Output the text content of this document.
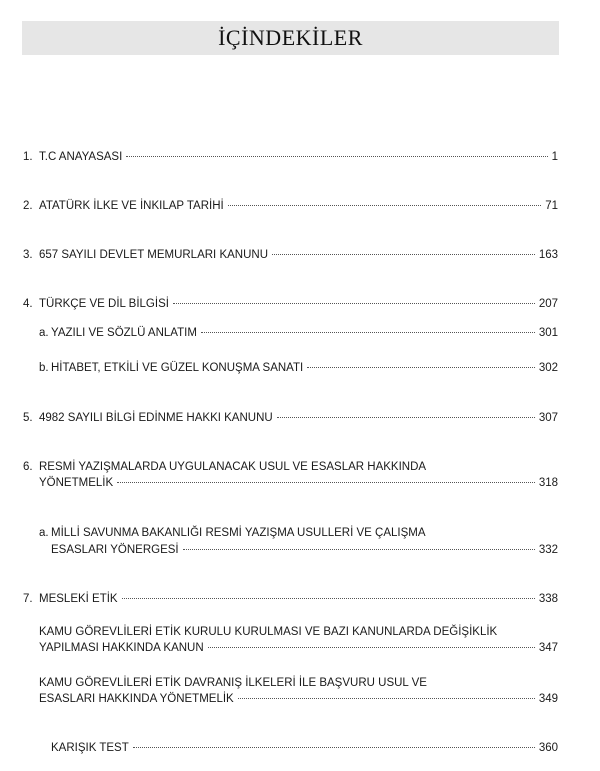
İÇİNDEKİLER
1. T.C ANAYASASI	1
2. ATATÜRK İLKE VE İNKILAP TARİHİ	71
3. 657 SAYILI DEVLET MEMURLARI KANUNU	163
4. TÜRKÇE VE DİL BİLGİSİ	207
a. YAZILI VE SÖZLÜ ANLATIM	301
b. HİTABET, ETKİLİ VE GÜZEL KONUŞMA SANATI	302
5. 4982 SAYILI BİLGİ EDİNME HAKKI KANUNU	307
6. RESMİ YAZIŞMALARDA UYGULANACAK USUL VE ESASLAR HAKKINDA
YÖNETMELİK	318
a. MİLLİ SAVUNMA BAKANLIĞI RESMİ YAZIŞMA USULLERİ VE ÇALIŞMA
ESASLARI YÖNERGESİ	332
7. MESLEKİ ETİK	338
KAMU GÖREVLİLERİ ETİK KURULU KURULMASI VE BAZI KANUNLARDA DEĞİŞİKLİK
YAPILMASI HAKKINDA KANUN	347
KAMU GÖREVLİLERİ ETİK DAVRANIŞ İLKELERİ İLE BAŞVURU USUL VE
ESASLARI HAKKINDA YÖNETMELİK	349
KARIŞIK TEST	360
